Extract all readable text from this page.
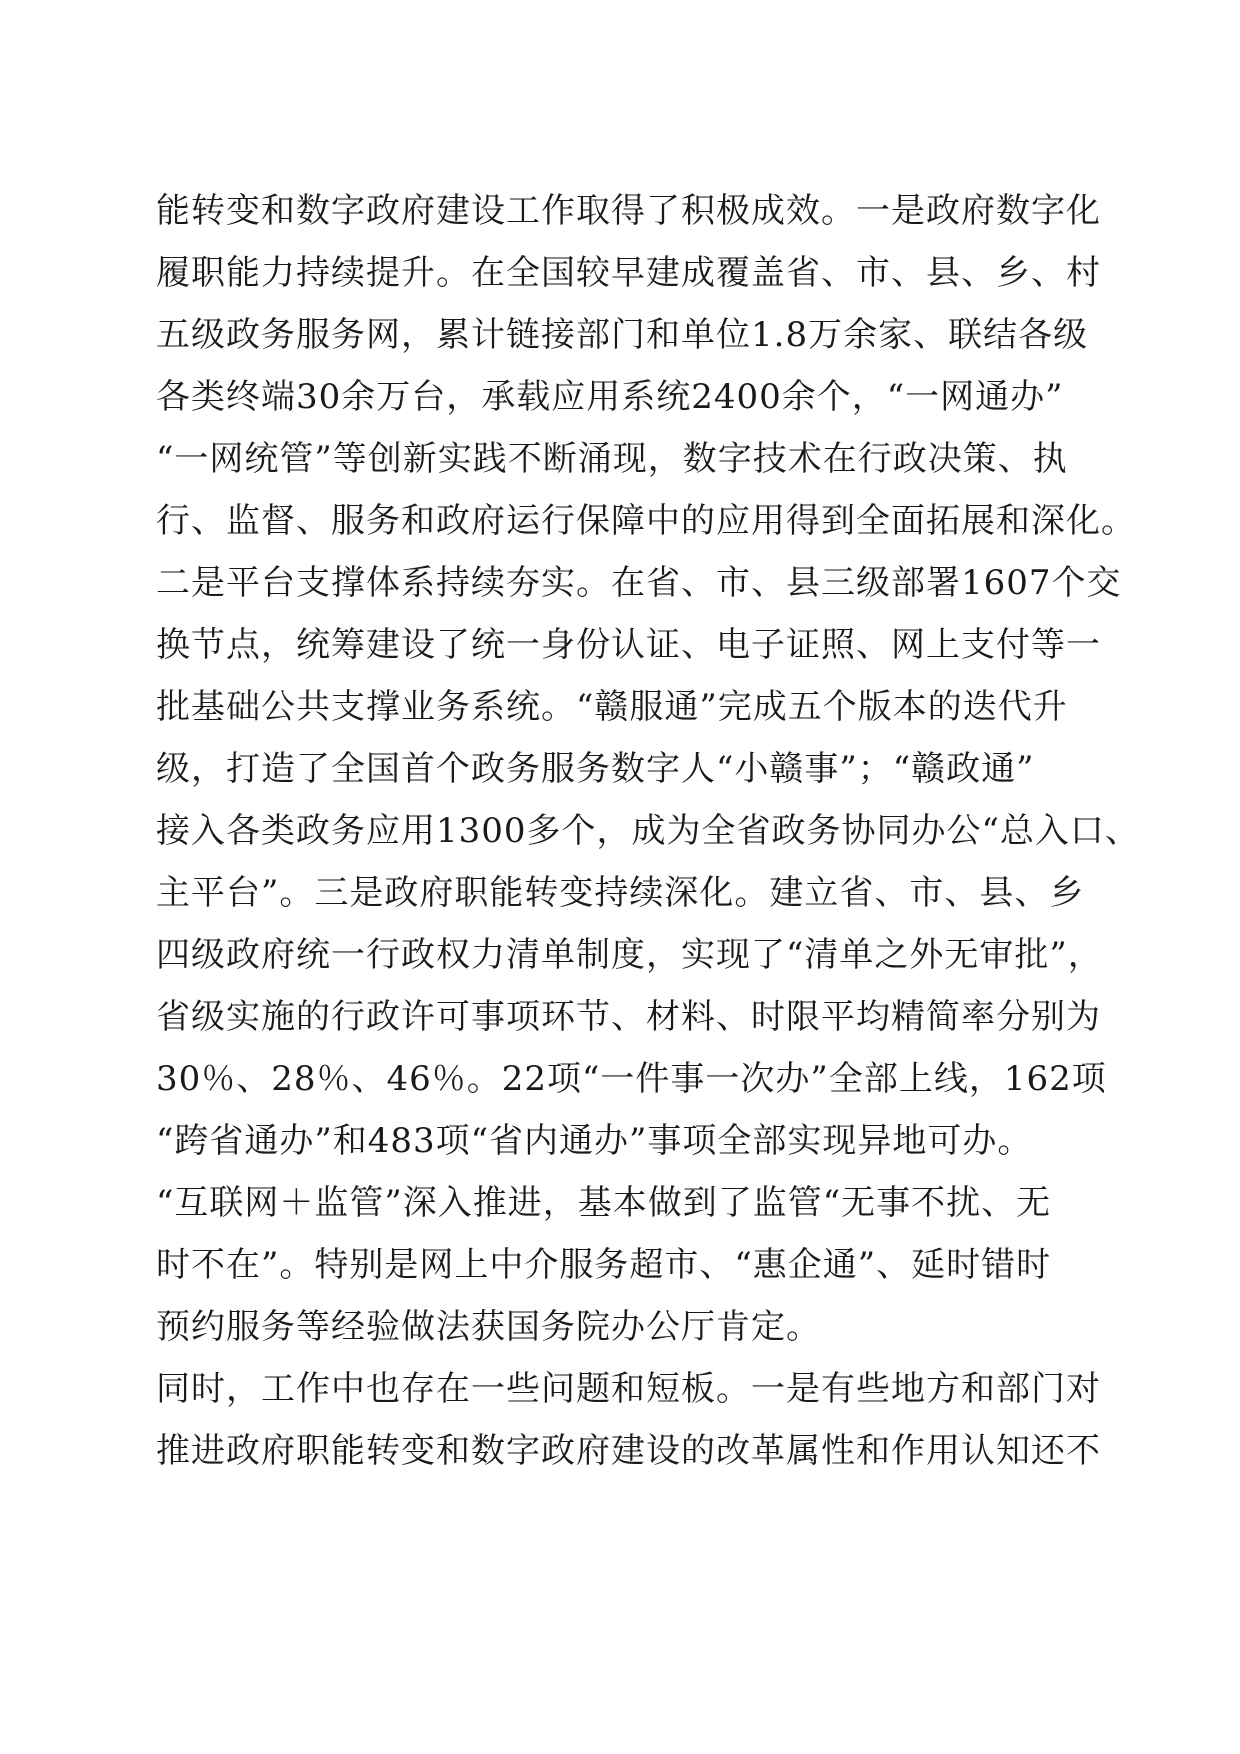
能转变和数字政府建设工作取得了积极成效。一是政府数字化
履职能力持续提升。在全国较早建成覆盖省、市、县、乡、村
五级政务服务网，累计链接部门和单位1.8万余家、联结各级
各类终端30余万台，承载应用系统2400余个，“一网通办”
“一网统管”等创新实践不断涌现，数字技术在行政决策、执
行、监督、服务和政府运行保障中的应用得到全面拓展和深化。
二是平台支撑体系持续夯实。在省、市、县三级部署1607个交
换节点，统筹建设了统一身份认证、电子证照、网上支付等一
批基础公共支撑业务系统。“赣服通”完成五个版本的迭代升
级，打造了全国首个政务服务数字人“小赣事”；“赣政通”
接入各类政务应用1300多个，成为全省政务协同办公“总入口、
主平台”。三是政府职能转变持续深化。建立省、市、县、乡
四级政府统一行政权力清单制度，实现了“清单之外无审批”，
省级实施的行政许可事项环节、材料、时限平均精简率分别为
30％、28％、46％。22项“一件事一次办”全部上线，162项
“跨省通办”和483项“省内通办”事项全部实现异地可办。
“互联网＋监管”深入推进，基本做到了监管“无事不扰、无
时不在”。特别是网上中介服务超市、“惠企通”、延时错时
预约服务等经验做法获国务院办公厅肯定。
同时，工作中也存在一些问题和短板。一是有些地方和部门对
推进政府职能转变和数字政府建设的改革属性和作用认知还不
